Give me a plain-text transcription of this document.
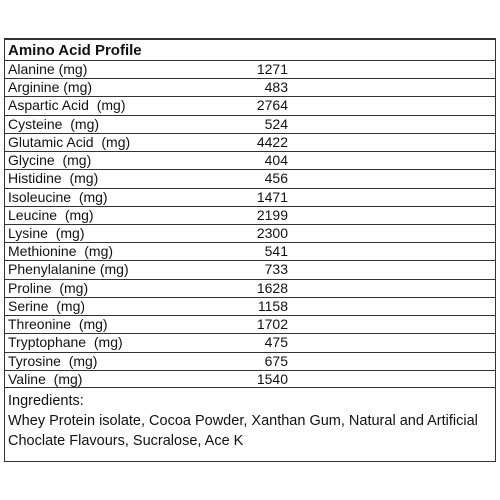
Amino Acid Profile
Alanine (mg)	1271
Arginine (mg)	483
Aspartic Acid  (mg)	2764
Cysteine  (mg)	524
Glutamic Acid  (mg)	4422
Glycine  (mg)	404
Histidine  (mg)	456
Isoleucine  (mg)	1471
Leucine  (mg)	2199
Lysine  (mg)	2300
Methionine  (mg)	541
Phenylalanine (mg)	733
Proline  (mg)	1628
Serine  (mg)	1158
Threonine  (mg)	1702
Tryptophane  (mg)	475
Tyrosine  (mg)	675
Valine  (mg)	1540
Ingredients:
Whey Protein isolate, Cocoa Powder, Xanthan Gum, Natural and Artificial Choclate Flavours, Sucralose, Ace K
